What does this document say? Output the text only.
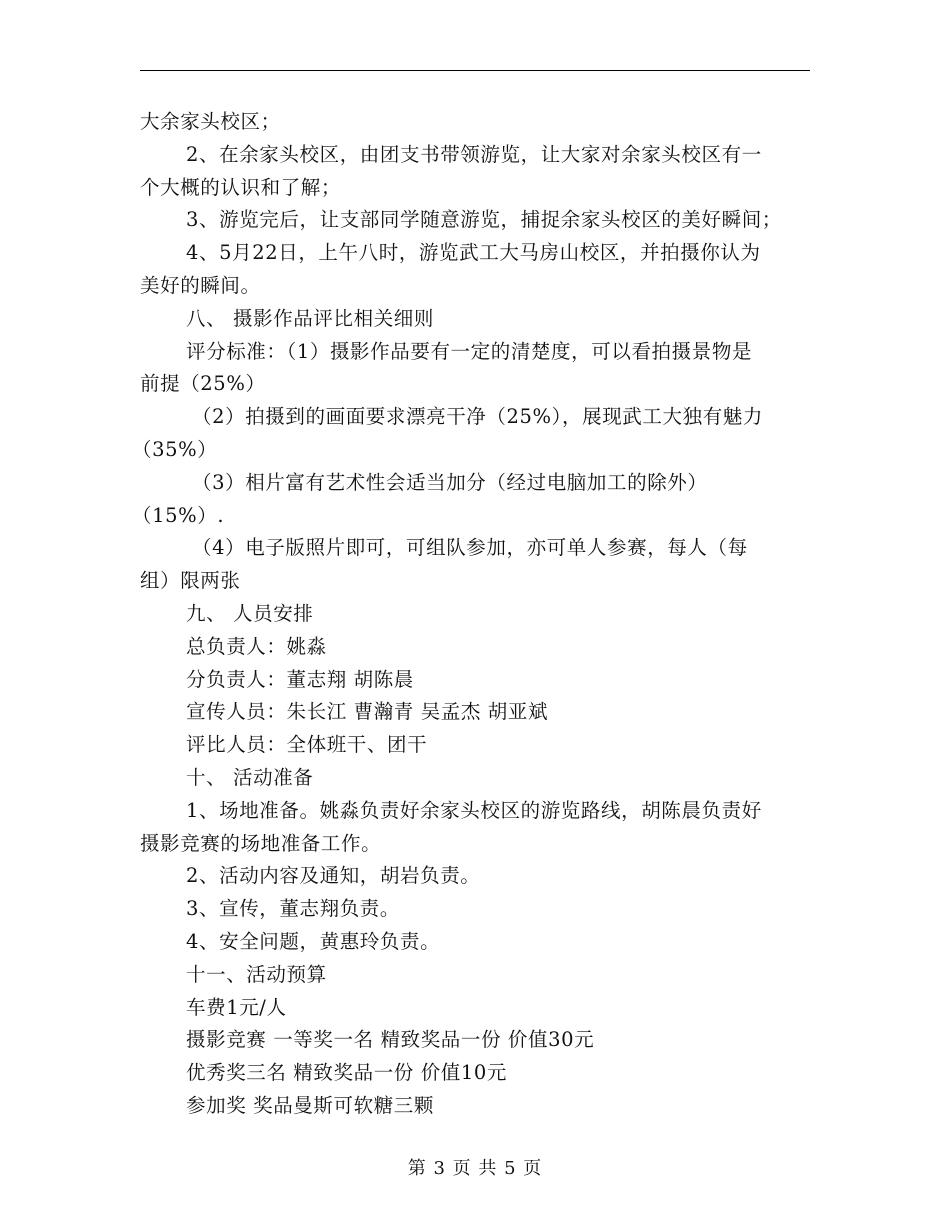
大余家头校区；
2、在余家头校区，由团支书带领游览，让大家对余家头校区有一
个大概的认识和了解；
3、游览完后，让支部同学随意游览，捕捉余家头校区的美好瞬间；
4、5月22日，上午八时，游览武工大马房山校区，并拍摄你认为
美好的瞬间。
八、 摄影作品评比相关细则
评分标准：（1）摄影作品要有一定的清楚度，可以看拍摄景物是
前提（25%）
（2）拍摄到的画面要求漂亮干净（25%），展现武工大独有魅力
（35%）
（3）相片富有艺术性会适当加分（经过电脑加工的除外）
（15%）.
（4）电子版照片即可，可组队参加，亦可单人参赛，每人（每
组）限两张
九、 人员安排
总负责人：姚淼
分负责人：董志翔 胡陈晨
宣传人员：朱长江 曹瀚青 吴孟杰 胡亚斌
评比人员：全体班干、团干
十、 活动准备
1、场地准备。姚淼负责好余家头校区的游览路线，胡陈晨负责好
摄影竞赛的场地准备工作。
2、活动内容及通知，胡岩负责。
3、宣传，董志翔负责。
4、安全问题，黄惠玲负责。
十一、活动预算
车费1元/人
摄影竞赛 一等奖一名 精致奖品一份 价值30元
优秀奖三名 精致奖品一份 价值10元
参加奖 奖品曼斯可软糖三颗
第 3 页 共 5 页
